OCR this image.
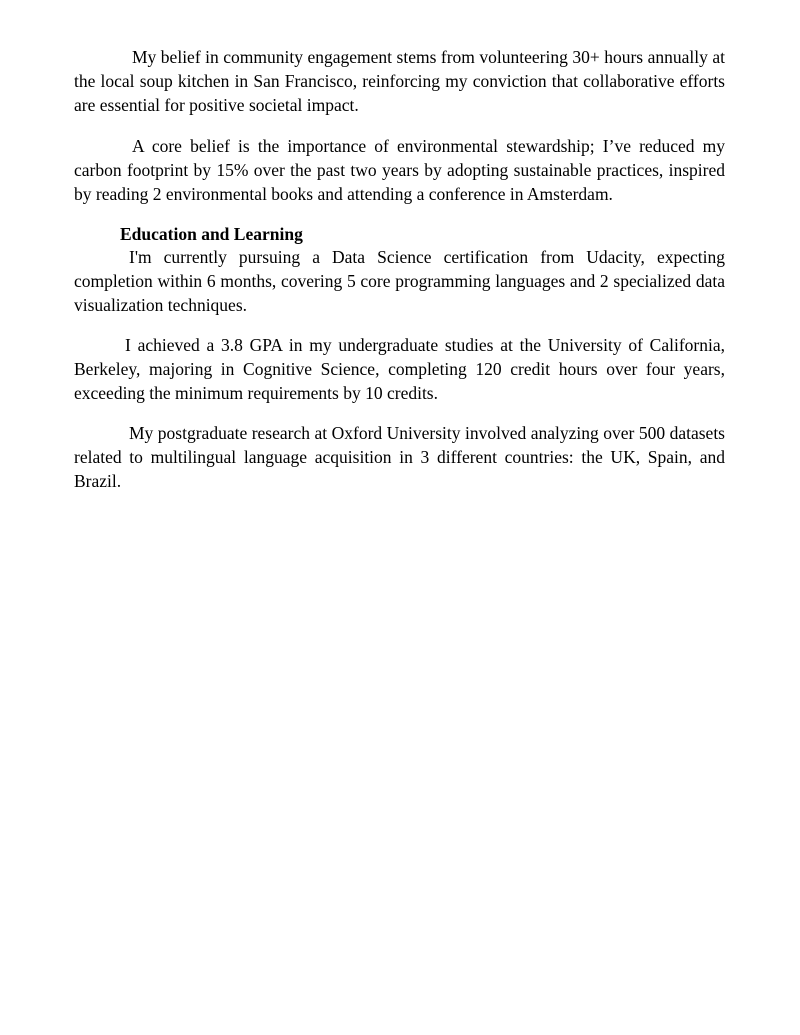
My belief in community engagement stems from volunteering 30+ hours annually at the local soup kitchen in San Francisco, reinforcing my conviction that collaborative efforts are essential for positive societal impact.

A core belief is the importance of environmental stewardship; I’ve reduced my carbon footprint by 15% over the past two years by adopting sustainable practices, inspired by reading 2 environmental books and attending a conference in Amsterdam.

Education and Learning

I'm currently pursuing a Data Science certification from Udacity, expecting completion within 6 months, covering 5 core programming languages and 2 specialized data visualization techniques.

I achieved a 3.8 GPA in my undergraduate studies at the University of California, Berkeley, majoring in Cognitive Science, completing 120 credit hours over four years, exceeding the minimum requirements by 10 credits.

My postgraduate research at Oxford University involved analyzing over 500 datasets related to multilingual language acquisition in 3 different countries: the UK, Spain, and Brazil.
